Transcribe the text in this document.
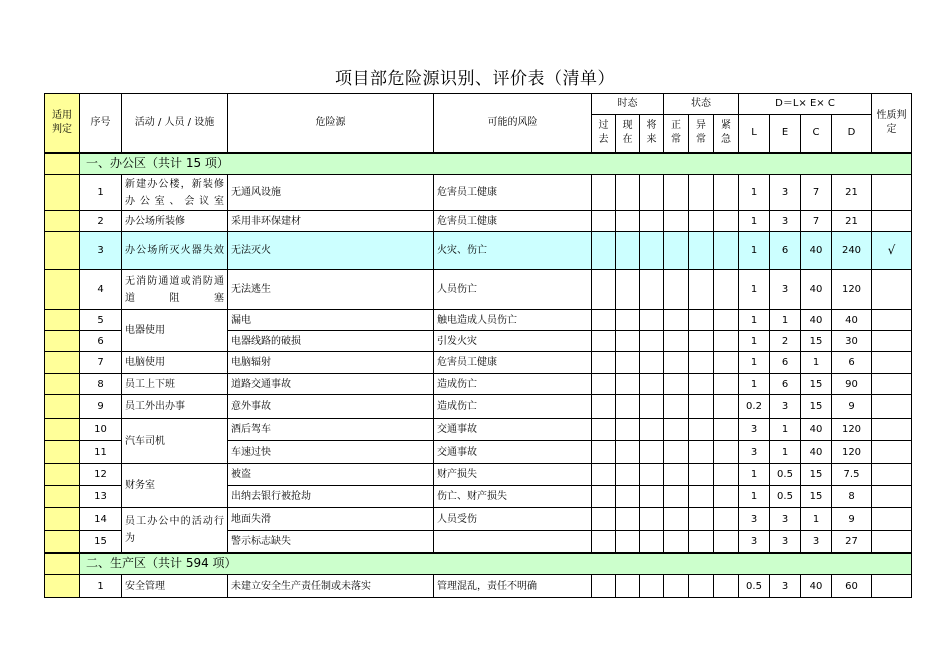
项目部危险源识别、评价表（清单）
适用判定	序号	活动 / 人员 / 设施	危险源	可能的风险	时态			状态			D＝L× E× C				性质判定
					过去	现在	将来	正常	异常	紧急	L	E	C	D	
	一、办公区（共计 15 项）														
	1	新建办公楼，新装修办公室、会议室	无通风设施	危害员工健康							1	3	7	21	
	2	办公场所装修	采用非环保建材	危害员工健康							1	3	7	21	
	3	办公场所灭火器失效	无法灭火	火灾、伤亡							1	6	40	240	√
	4	无消防通道或消防通道阻塞	无法逃生	人员伤亡							1	3	40	120	
	5	电器使用	漏电	触电造成人员伤亡							1	1	40	40	
	6		电器线路的破损	引发火灾							1	2	15	30	
	7	电脑使用	电脑辐射	危害员工健康							1	6	1	6	
	8	员工上下班	道路交通事故	造成伤亡							1	6	15	90	
	9	员工外出办事	意外事故	造成伤亡							0.2	3	15	9	
	10	汽车司机	酒后驾车	交通事故							3	1	40	120	
	11		车速过快	交通事故							3	1	40	120	
	12	财务室	被盗	财产损失							1	0.5	15	7.5	
	13		出纳去银行被抢劫	伤亡、财产损失							1	0.5	15	8	
	14	员工办公中的活动行为	地面失滑	人员受伤							3	3	1	9	
	15		警示标志缺失								3	3	3	27	
	二、生产区（共计 594 项）														
	1	安全管理	未建立安全生产责任制或未落实	管理混乱，责任不明确							0.5	3	40	60	
